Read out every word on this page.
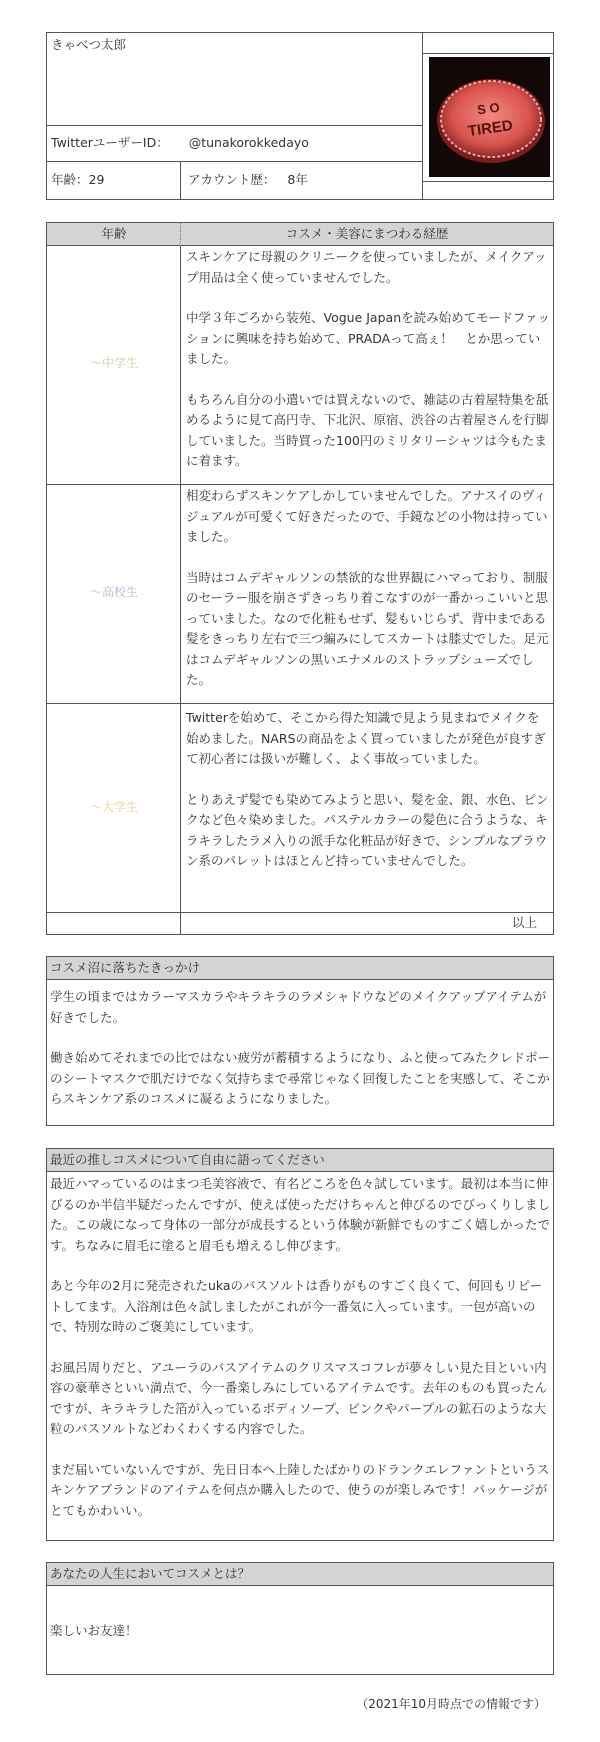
きゃべつ太郎
TwitterユーザーID： @tunakorokkedayo
年齢：29	アカウント歴： 8年
S O
TIRED
年齢	コスメ・美容にまつわる経歴
～中学生

スキンケアに母親のクリニークを使っていましたが、メイクアップ用品は全く使っていませんでした。

中学３年ごろから装苑、Vogue Japanを読み始めてモードファッションに興味を持ち始めて、PRADAって高ぇ！　とか思っていました。

もちろん自分の小遣いでは買えないので、雑誌の古着屋特集を舐めるように見て高円寺、下北沢、原宿、渋谷の古着屋さんを行脚していました。当時買った100円のミリタリーシャツは今もたまに着ます。

～高校生

相変わらずスキンケアしかしていませんでした。アナスイのヴィジュアルが可愛くて好きだったので、手鏡などの小物は持っていました。

当時はコムデギャルソンの禁欲的な世界観にハマっており、制服のセーラー服を崩さずきっちり着こなすのが一番かっこいいと思っていました。なので化粧もせず、髪もいじらず、背中まである髪をきっちり左右で三つ編みにしてスカートは膝丈でした。足元はコムデギャルソンの黒いエナメルのストラップシューズでした。

～大学生

Twitterを始めて、そこから得た知識で見よう見まねでメイクを始めました。NARSの商品をよく買っていましたが発色が良すぎて初心者には扱いが難しく、よく事故っていました。

とりあえず髪でも染めてみようと思い、髪を金、銀、水色、ピンクなど色々染めました。パステルカラーの髪色に合うような、キラキラしたラメ入りの派手な化粧品が好きで、シンプルなブラウン系のパレットはほとんど持っていませんでした。

以上
コスメ沼に落ちたきっかけ

学生の頃まではカラーマスカラやキラキラのラメシャドウなどのメイクアップアイテムが好きでした。

働き始めてそれまでの比ではない疲労が蓄積するようになり、ふと使ってみたクレドポーのシートマスクで肌だけでなく気持ちまで尋常じゃなく回復したことを実感して、そこからスキンケア系のコスメに凝るようになりました。

最近の推しコスメについて自由に語ってください

最近ハマっているのはまつ毛美容液で、有名どころを色々試しています。最初は本当に伸びるのか半信半疑だったんですが、使えば使っただけちゃんと伸びるのでびっくりしました。この歳になって身体の一部分が成長するという体験が新鮮でものすごく嬉しかったです。ちなみに眉毛に塗ると眉毛も増えるし伸びます。

あと今年の2月に発売されたukaのバスソルトは香りがものすごく良くて、何回もリピートしてます。入浴剤は色々試しましたがこれが今一番気に入っています。一包が高いので、特別な時のご褒美にしています。

お風呂周りだと、アユーラのバスアイテムのクリスマスコフレが夢々しい見た目といい内容の豪華さといい満点で、今一番楽しみにしているアイテムです。去年のものも買ったんですが、キラキラした箔が入っているボディソープ、ピンクやパープルの鉱石のような大粒のバスソルトなどわくわくする内容でした。

まだ届いていないんですが、先日日本へ上陸したばかりのドランクエレファントというスキンケアブランドのアイテムを何点か購入したので、使うのが楽しみです！パッケージがとてもかわいい。

あなたの人生においてコスメとは？
楽しいお友達！
（2021年10月時点での情報です）
